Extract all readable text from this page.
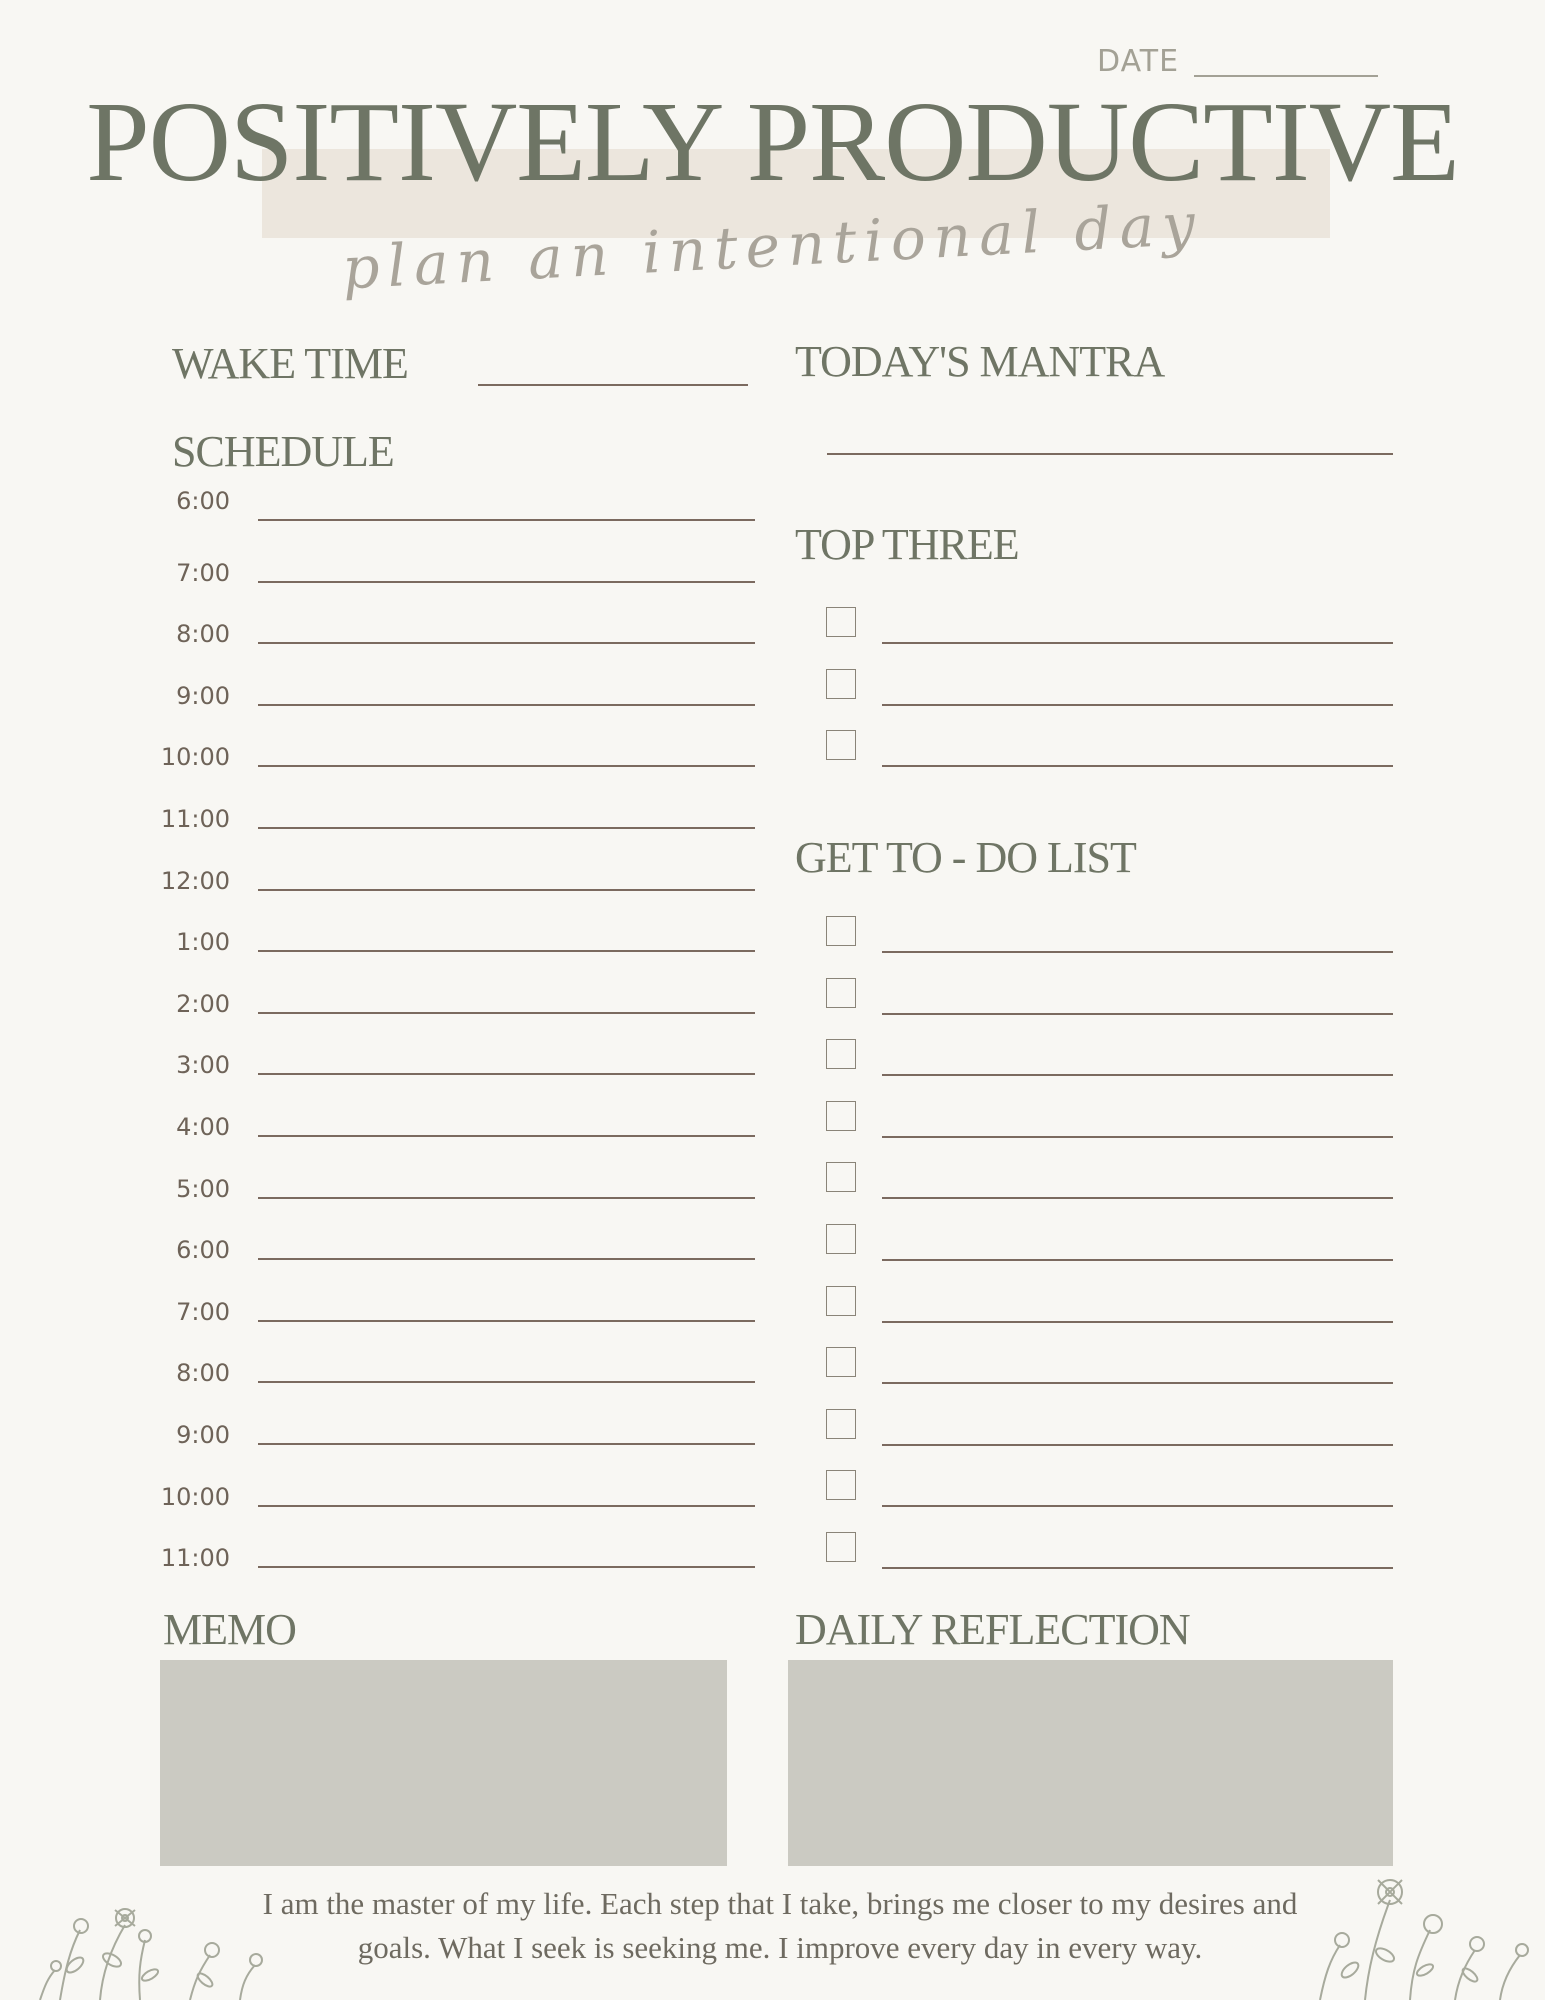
DATE
POSITIVELY PRODUCTIVE
plan an intentional day
WAKE TIME
SCHEDULE
6:00
7:00
8:00
9:00
10:00
11:00
12:00
1:00
2:00
3:00
4:00
5:00
6:00
7:00
8:00
9:00
10:00
11:00
TODAY'S MANTRA
TOP THREE
GET TO - DO LIST
MEMO	DAILY REFLECTION
I am the master of my life. Each step that I take, brings me closer to my desires and
goals. What I seek is seeking me. I improve every day in every way.
